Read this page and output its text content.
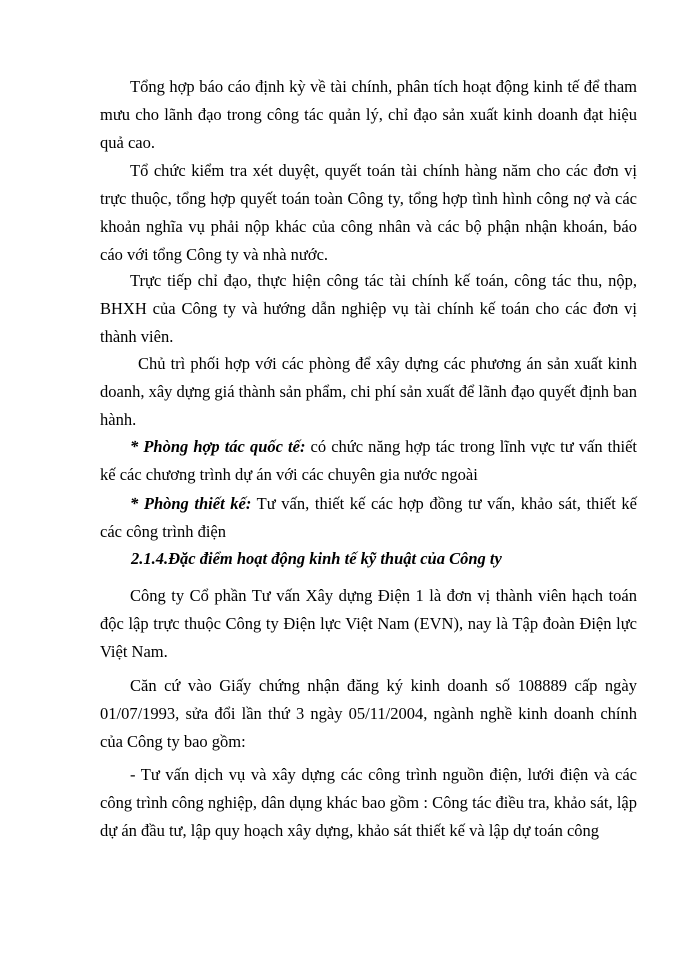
Tổng hợp báo cáo định kỳ về tài chính, phân tích hoạt động kinh tế để tham mưu cho lãnh đạo trong công tác quản lý, chỉ đạo sản xuất kinh doanh đạt hiệu quả cao.

Tổ chức kiểm tra xét duyệt, quyết toán tài chính hàng năm cho các đơn vị trực thuộc, tổng hợp quyết toán toàn Công ty, tổng hợp tình hình công nợ và các khoản nghĩa vụ phải nộp khác của công nhân và các bộ phận nhận khoán, báo cáo với tổng Công ty và nhà nước.

Trực tiếp chỉ đạo, thực hiện công tác tài chính kế toán, công tác thu, nộp, BHXH của Công ty và hướng dẫn nghiệp vụ tài chính kế toán cho các đơn vị thành viên.

Chủ trì phối hợp với các phòng để xây dựng các phương án sản xuất kinh doanh, xây dựng giá thành sản phẩm, chi phí sản xuất để lãnh đạo quyết định ban hành.

* Phòng hợp tác quốc tế: có chức năng hợp tác trong lĩnh vực tư vấn thiết kế các chương trình dự án với các chuyên gia nước ngoài

* Phòng thiết kế: Tư vấn, thiết kế các hợp đồng tư vấn, khảo sát, thiết kế các công trình điện

2.1.4.Đặc điểm hoạt động kinh tế kỹ thuật của Công ty

Công ty Cổ phần Tư vấn Xây dựng Điện 1 là đơn vị thành viên hạch toán độc lập trực thuộc Công ty Điện lực Việt Nam (EVN), nay là Tập đoàn Điện lực Việt Nam.

Căn cứ vào Giấy chứng nhận đăng ký kinh doanh số 108889 cấp ngày 01/07/1993, sửa đổi lần thứ 3 ngày 05/11/2004, ngành nghề kinh doanh chính của Công ty bao gồm:

- Tư vấn dịch vụ và xây dựng các công trình nguồn điện, lưới điện và các công trình công nghiệp, dân dụng khác bao gồm : Công tác điều tra, khảo sát, lập dự án đầu tư, lập quy hoạch xây dựng, khảo sát thiết kế và lập dự toán công
